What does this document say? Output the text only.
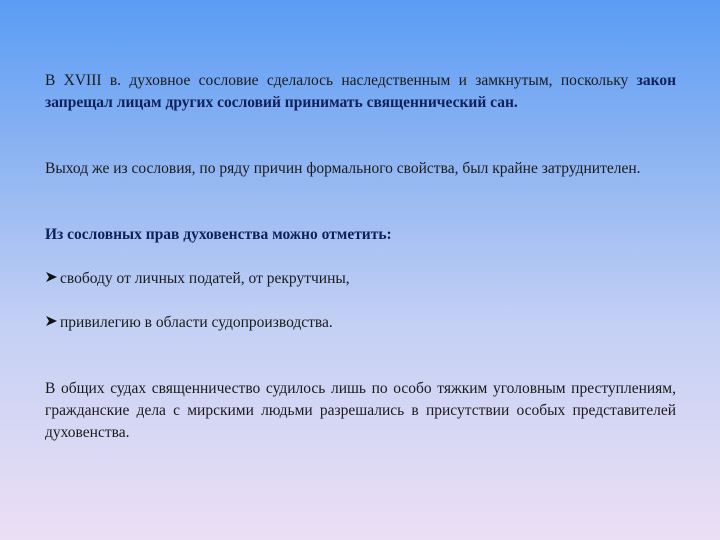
В XVIII в. духовное сословие сделалось наследственным и замкнутым, поскольку закон запрещал лицам других сословий принимать священнический сан.

Выход же из сословия, по ряду причин формального свойства, был крайне затруднителен.

Из сословных прав духовенства можно отметить:

свободу от личных податей, от рекрутчины,

привилегию в области судопроизводства.

В общих судах священничество судилось лишь по особо тяжким уголовным преступлениям, гражданские дела с мирскими людьми разрешались в присутствии особых представителей духовенства.
